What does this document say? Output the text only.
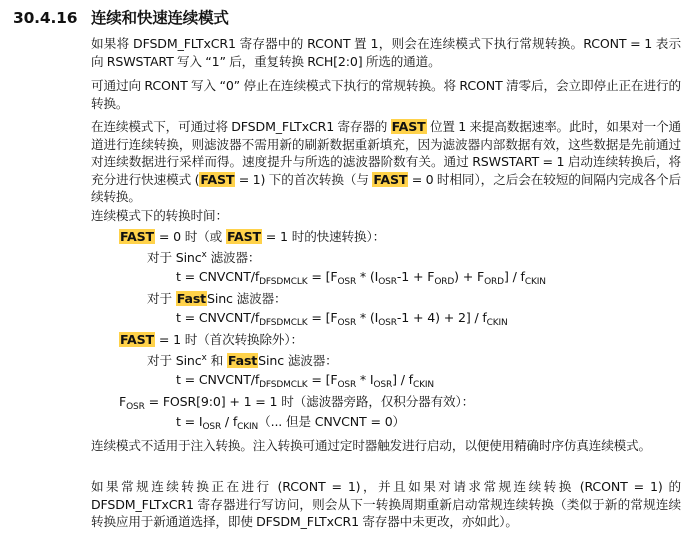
30.4.16 连续和快速连续模式
如果将 DFSDM_FLTxCR1 寄存器中的 RCONT 置 1，则会在连续模式下执行常规转换。RCONT = 1 表示向 RSWSTART 写入 “1” 后，重复转换 RCH[2:0] 所选的通道。
可通过向 RCONT 写入 “0” 停止在连续模式下执行的常规转换。将 RCONT 清零后，会立即停止正在进行的转换。
在连续模式下，可通过将 DFSDM_FLTxCR1 寄存器的 FAST 位置 1 来提高数据速率。此时，如果对一个通道进行连续转换，则滤波器不需用新的刷新数据重新填充，因为滤波器内部数据有效，这些数据是先前通过对连续数据进行采样而得。速度提升与所选的滤波器阶数有关。通过 RSWSTART = 1 启动连续转换后，将充分进行快速模式 (FAST = 1) 下的首次转换（与 FAST = 0 时相同），之后会在较短的间隔内完成各个后续转换。
连续模式下的转换时间：
FAST = 0 时（或 FAST = 1 时的快速转换）：
对于 Sinc$^x$ 滤波器：
t = CNVCNT/$f_{DFSDMCLK} = [F_{OSR} * (I_{OSR}-1 + F_{ORD}) + F_{ORD}] / f_{CKIN}$
对于 FastSinc 滤波器：
t = CNVCNT/$f_{DFSDMCLK} = [F_{OSR} * (I_{OSR}-1 + 4) + 2] / f_{CKIN}$
FAST = 1 时（首次转换除外）：
对于 Sinc$^x$ 和 FastSinc 滤波器：
t = CNVCNT/$f_{DFSDMCLK} = [F_{OSR} * I_{OSR}] / f_{CKIN}$
$F_{OSR}$ = FOSR[9:0] + 1 = 1 时（滤波器旁路，仅积分器有效）：
$t = I_{OSR} / f_{CKIN}$（... 但是 CNVCNT = 0）
连续模式不适用于注入转换。注入转换可通过定时器触发进行启动，以便使用精确时序仿真连续模式。
如果常规连续转换正在进行 (RCONT = 1)，并且如果对请求常规连续转换 (RCONT = 1) 的 DFSDM_FLTxCR1 寄存器进行写访问，则会从下一转换周期重新启动常规连续转换（类似于新的常规连续转换应用于新通道选择，即使 DFSDM_FLTxCR1 寄存器中未更改，亦如此）。
